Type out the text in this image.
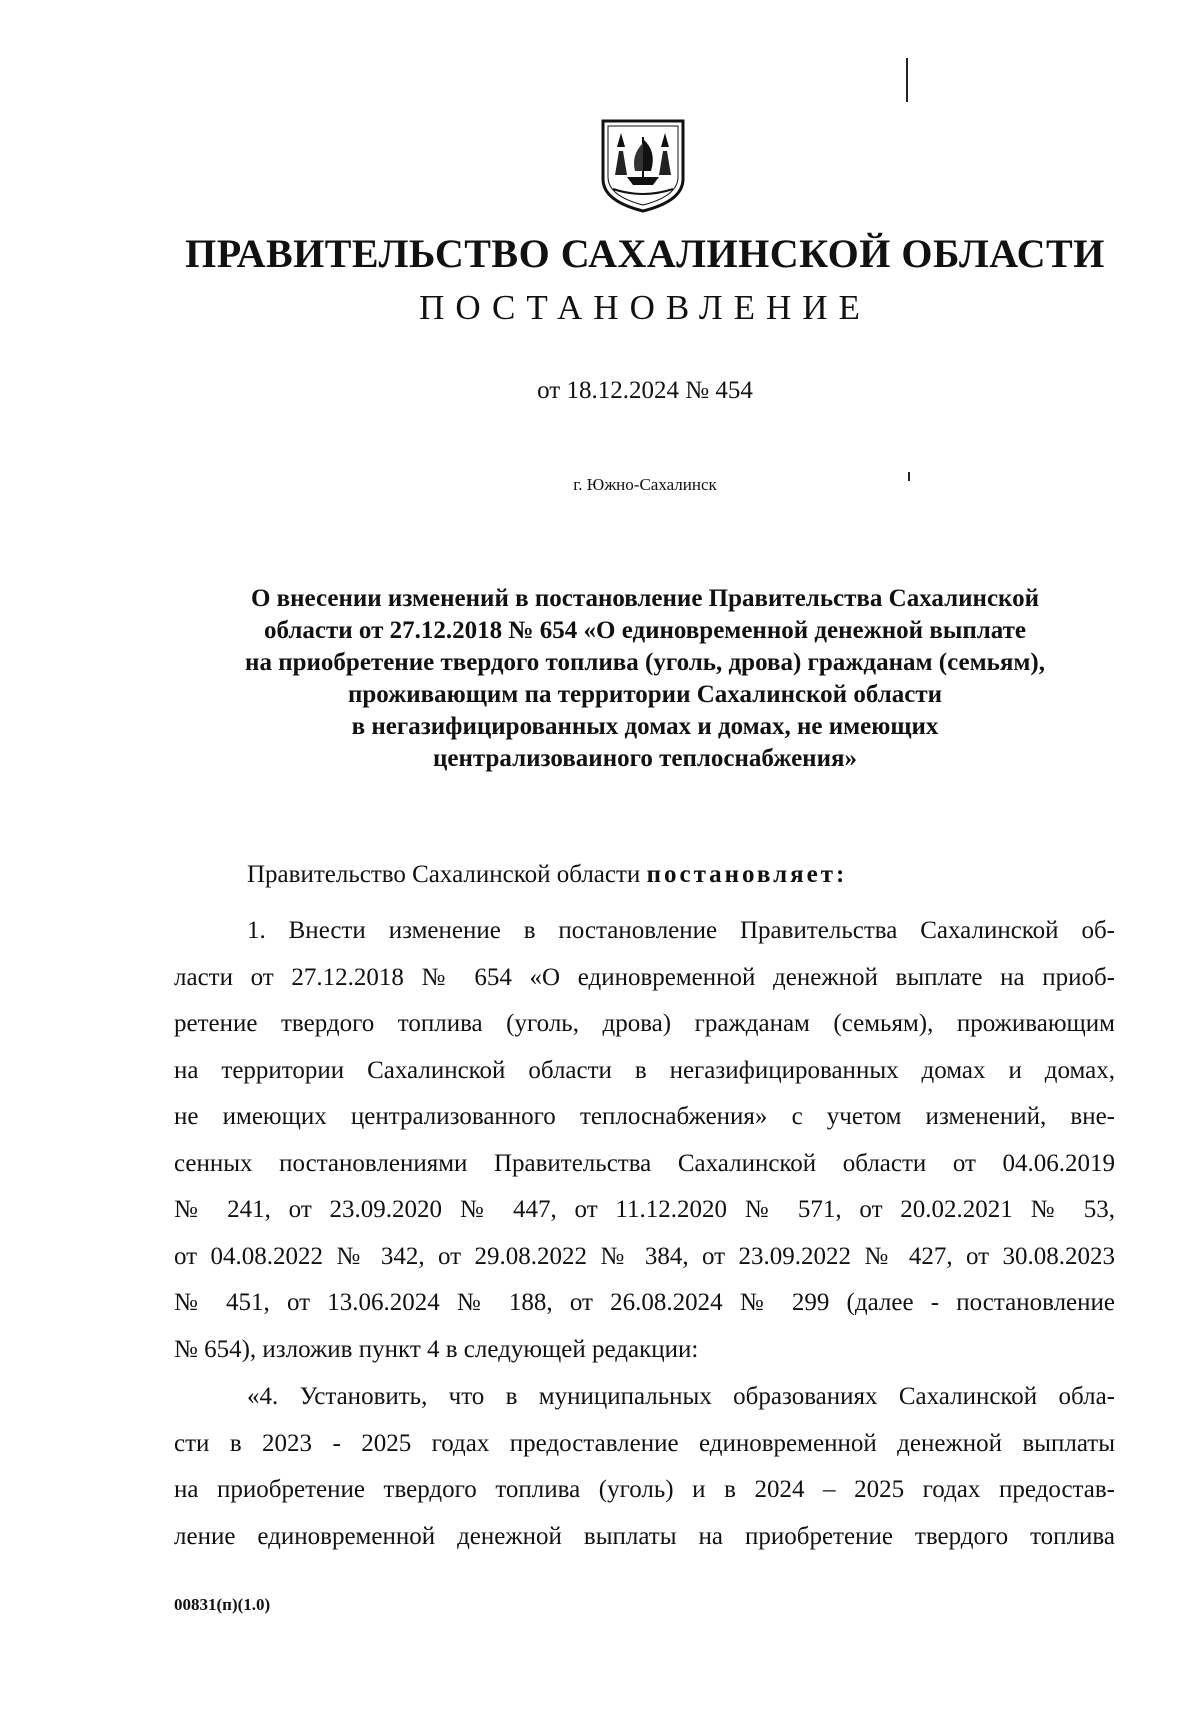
ПРАВИТЕЛЬСТВО САХАЛИНСКОЙ ОБЛАСТИ
ПОСТАНОВЛЕНИЕ
от 18.12.2024 № 454
г. Южно-Сахалинск
О внесении изменений в постановление Правительства Сахалинской
области от 27.12.2018 № 654 «О единовременной денежной выплате
на приобретение твердого топлива (уголь, дрова) гражданам (семьям),
проживающим па территории Сахалинской области
в негазифицированных домах и домах, не имеющих
централизоваиного теплоснабжения»
Правительство Сахалинской области постановляет:
1. Внести изменение в постановление Правительства Сахалинской об-
ласти от 27.12.2018 № 654 «О единовременной денежной выплате на приоб-
ретение твердого топлива (уголь, дрова) гражданам (семьям), проживающим
на территории Сахалинской области в негазифицированных домах и домах,
не имеющих централизованного теплоснабжения» с учетом изменений, вне-
сенных постановлениями Правительства Сахалинской области от 04.06.2019
№ 241, от 23.09.2020 № 447, от 11.12.2020 № 571, от 20.02.2021 № 53,
от 04.08.2022 № 342, от 29.08.2022 № 384, от 23.09.2022 № 427, от 30.08.2023
№ 451, от 13.06.2024 № 188, от 26.08.2024 № 299 (далее - постановление
№ 654), изложив пункт 4 в следующей редакции:
«4. Установить, что в муниципальных образованиях Сахалинской обла-
сти в 2023 - 2025 годах предоставление единовременной денежной выплаты
на приобретение твердого топлива (уголь) и в 2024 – 2025 годах предостав-
ление единовременной денежной выплаты на приобретение твердого топлива
00831(п)(1.0)
